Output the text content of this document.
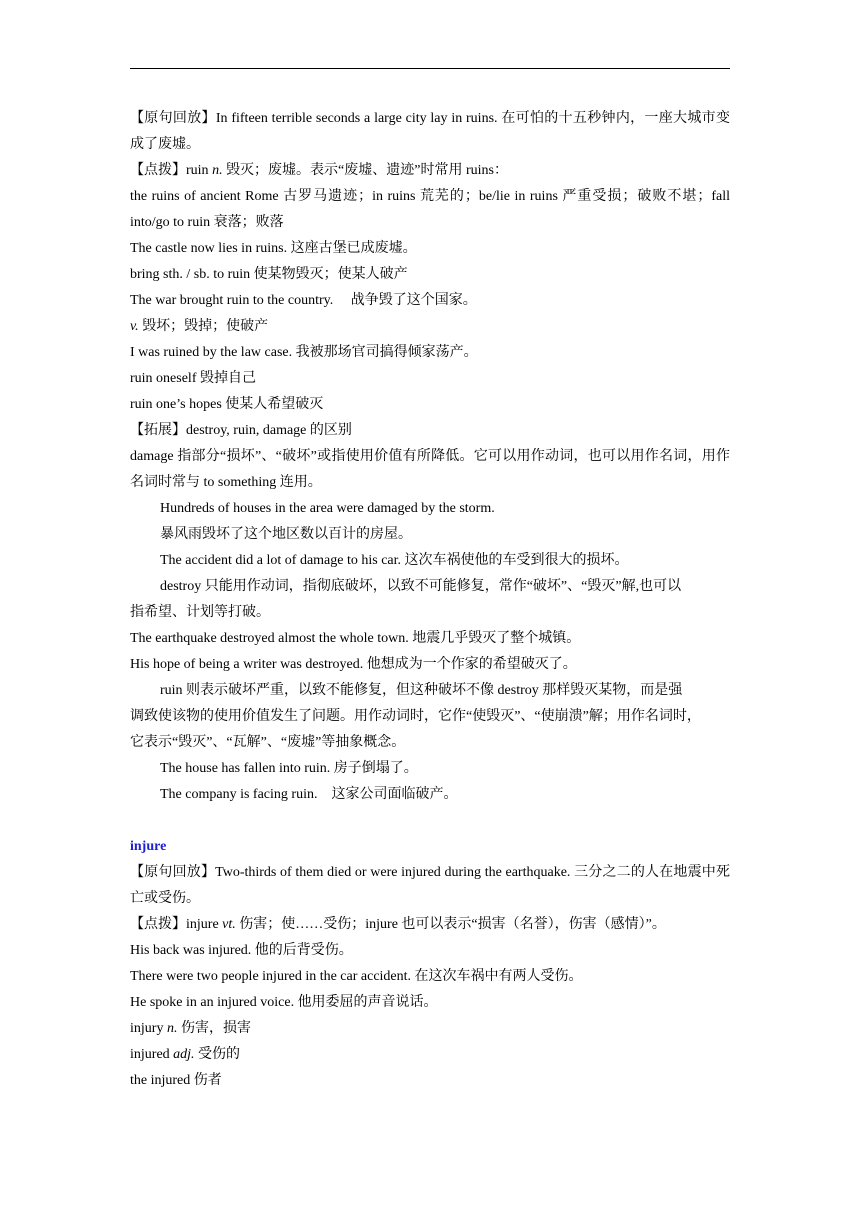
【原句回放】In fifteen terrible seconds a large city lay in ruins. 在可怕的十五秒钟内，一座大城市变成了废墟。
【点拨】ruin n. 毁灭；废墟。表示“废墟、遗迹”时常用 ruins：
the ruins of ancient Rome 古罗马遗迹；in ruins 荒芜的；be/lie in ruins 严重受损；破败不堪；fall into/go to ruin 衰落；败落
The castle now lies in ruins. 这座古堡已成废墟。
bring sth. / sb. to ruin 使某物毁灭；使某人破产
The war brought ruin to the country.     战争毁了这个国家。
v. 毁坏；毁掉；使破产
I was ruined by the law case. 我被那场官司搞得倾家荡产。
ruin oneself 毁掉自己
ruin one’s hopes 使某人希望破灭
【拓展】destroy, ruin, damage 的区别
damage 指部分“损坏”、“破坏”或指使用价值有所降低。它可以用作动词，也可以用作名词，用作名词时常与 to something 连用。
Hundreds of houses in the area were damaged by the storm.
暴风雨毁坏了这个地区数以百计的房屋。
The accident did a lot of damage to his car. 这次车祸使他的车受到很大的损坏。
destroy 只能用作动词，指彻底破坏，以致不可能修复，常作“破坏”、“毁灭”解,也可以
指希望、计划等打破。
The earthquake destroyed almost the whole town. 地震几乎毁灭了整个城镇。
His hope of being a writer was destroyed. 他想成为一个作家的希望破灭了。
ruin 则表示破坏严重，以致不能修复，但这种破坏不像 destroy 那样毁灭某物，而是强
调致使该物的使用价值发生了问题。用作动词时，它作“使毁灭”、“使崩溃”解；用作名词时，
它表示“毁灭”、“瓦解”、“废墟”等抽象概念。
The house has fallen into ruin. 房子倒塌了。
The company is facing ruin.    这家公司面临破产。
injure
【原句回放】Two-thirds of them died or were injured during the earthquake. 三分之二的人在地震中死亡或受伤。
【点拨】injure vt. 伤害；使……受伤；injure 也可以表示“损害（名誉），伤害（感情）”。
His back was injured. 他的后背受伤。
There were two people injured in the car accident. 在这次车祸中有两人受伤。
He spoke in an injured voice. 他用委屈的声音说话。
injury n. 伤害，损害
injured adj. 受伤的
the injured 伤者
